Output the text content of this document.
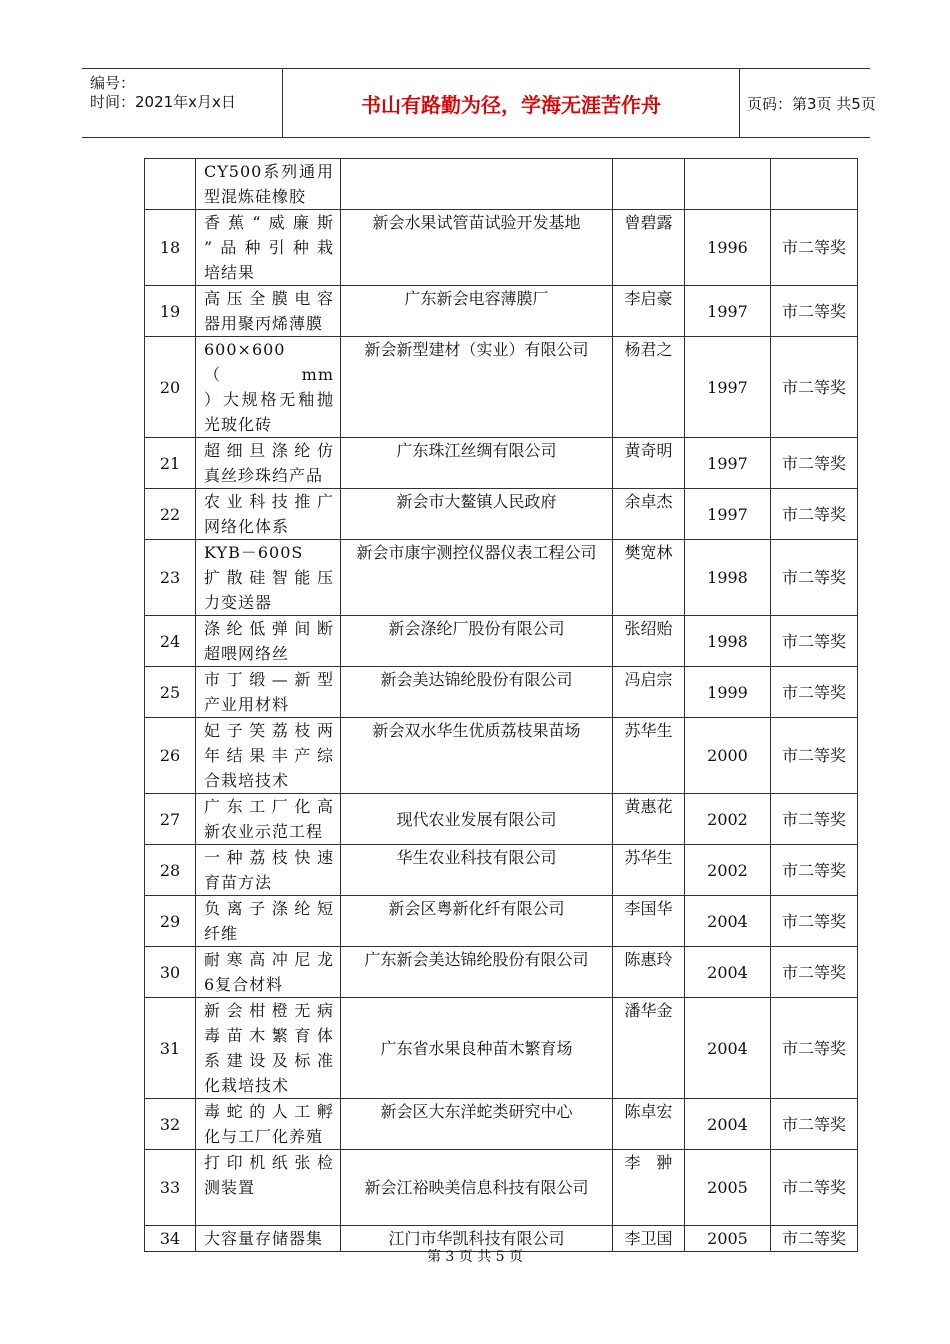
编号：
时间：2021年x月x日	书山有路勤为径，学海无涯苦作舟	页码：第3页 共5页

	CY500系列通用
型混炼硅橡胶				

18	香蕉“威廉斯
”品种引种栽
培结果	新会水果试管苗试验开发基地	曾碧露	1996	市二等奖
19	高压全膜电容
器用聚丙烯薄膜	广东新会电容薄膜厂	李启豪	1997	市二等奖
20	600×600（mm
）大规格无釉抛
光玻化砖	新会新型建材（实业）有限公司	杨君之	1997	市二等奖
21	超细旦涤纶仿
真丝珍珠绉产品	广东珠江丝绸有限公司	黄奇明	1997	市二等奖
22	农业科技推广
网络化体系	新会市大鳌镇人民政府	余卓杰	1997	市二等奖
23	KYB－600S
扩散硅智能压
力变送器	新会市康宇测控仪器仪表工程公司	樊宽林	1998	市二等奖
24	涤纶低弹间断
超喂网络丝	新会涤纶厂股份有限公司	张绍贻	1998	市二等奖
25	市丁缎—新型
产业用材料	新会美达锦纶股份有限公司	冯启宗	1999	市二等奖
26	妃子笑荔枝两
年结果丰产综
合栽培技术	新会双水华生优质荔枝果苗场	苏华生	2000	市二等奖
27	广东工厂化高
新农业示范工程	现代农业发展有限公司	黄惠花	2002	市二等奖
28	一种荔枝快速
育苗方法	华生农业科技有限公司	苏华生	2002	市二等奖
29	负离子涤纶短
纤维	新会区粤新化纤有限公司	李国华	2004	市二等奖
30	耐寒高冲尼龙
6复合材料	广东新会美达锦纶股份有限公司	陈惠玲	2004	市二等奖
31	新会柑橙无病
毒苗木繁育体
系建设及标准
化栽培技术	广东省水果良种苗木繁育场	潘华金	2004	市二等奖
32	毒蛇的人工孵
化与工厂化养殖	新会区大东洋蛇类研究中心	陈卓宏	2004	市二等奖
33	打印机纸张检
测装置	新会江裕映美信息科技有限公司	李　翀	2005	市二等奖
34	大容量存储器集	江门市华凯科技有限公司	李卫国	2005	市二等奖
第 3 页 共 5 页
